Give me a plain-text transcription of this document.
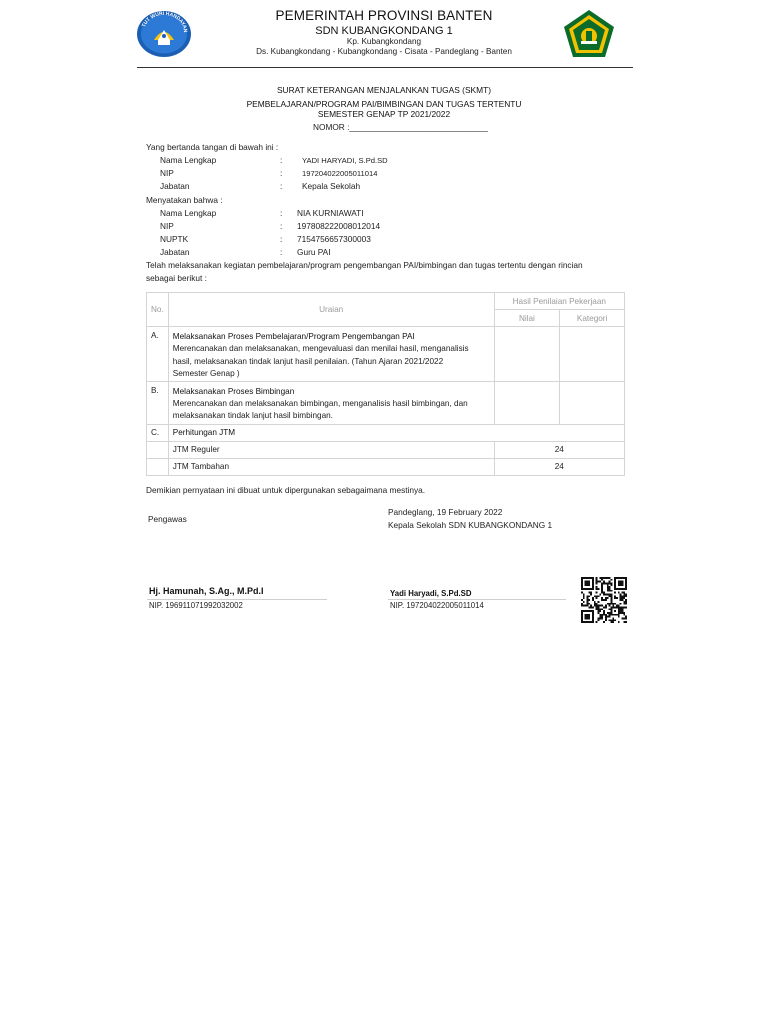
TUT WURI HANDAYAN
PEMERINTAH PROVINSI BANTEN
SDN KUBANGKONDANG 1
Kp. Kubangkondang
Ds. Kubangkondang - Kubangkondang - Cisata - Pandeglang - Banten
SURAT KETERANGAN MENJALANKAN TUGAS (SKMT)
PEMBELAJARAN/PROGRAM PAI/BIMBINGAN DAN TUGAS TERTENTU
SEMESTER GENAP TP 2021/2022
NOMOR :______________________________
Yang bertanda tangan di bawah ini :
Nama Lengkap	:	YADI HARYADI, S.Pd.SD
NIP	:	197204022005011014
Jabatan	: Kepala Sekolah
Menyatakan bahwa :
Nama Lengkap	: NIA KURNIAWATI
NIP	: 197808222008012014
NUPTK	: 7154756657300003
Jabatan	: Guru PAI
Telah melaksanakan kegiatan pembelajaran/program pengembangan PAI/bimbingan dan tugas tertentu dengan rincian
sebagai berikut :
No.	Uraian	Hasil Penilaian Pekerjaan	
		Nilai	Kategori
A.	Melaksanakan Proses Pembelajaran/Program Pengembangan PAI
Merencanakan dan melaksanakan, mengevaluasi dan menilai hasil, menganalisis
hasil, melaksanakan tindak lanjut hasil penilaian. (Tahun Ajaran 2021/2022
Semester Genap )		

B.	Melaksanakan Proses Bimbingan
Merencanakan dan melaksanakan bimbingan, menganalisis hasil bimbingan, dan
melaksanakan tindak lanjut hasil bimbingan.		

C.	Perhitungan JTM		
	JTM Reguler	24	
	JTM Tambahan	24	
Demikian pernyataan ini dibuat untuk dipergunakan sebagaimana mestinya.
Pengawas
Pandeglang, 19 February 2022
Kepala Sekolah SDN KUBANGKONDANG 1
Hj. Hamunah, S.Ag., M.Pd.I
NIP. 196911071992032002
Yadi Haryadi, S.Pd.SD
NIP. 197204022005011014
